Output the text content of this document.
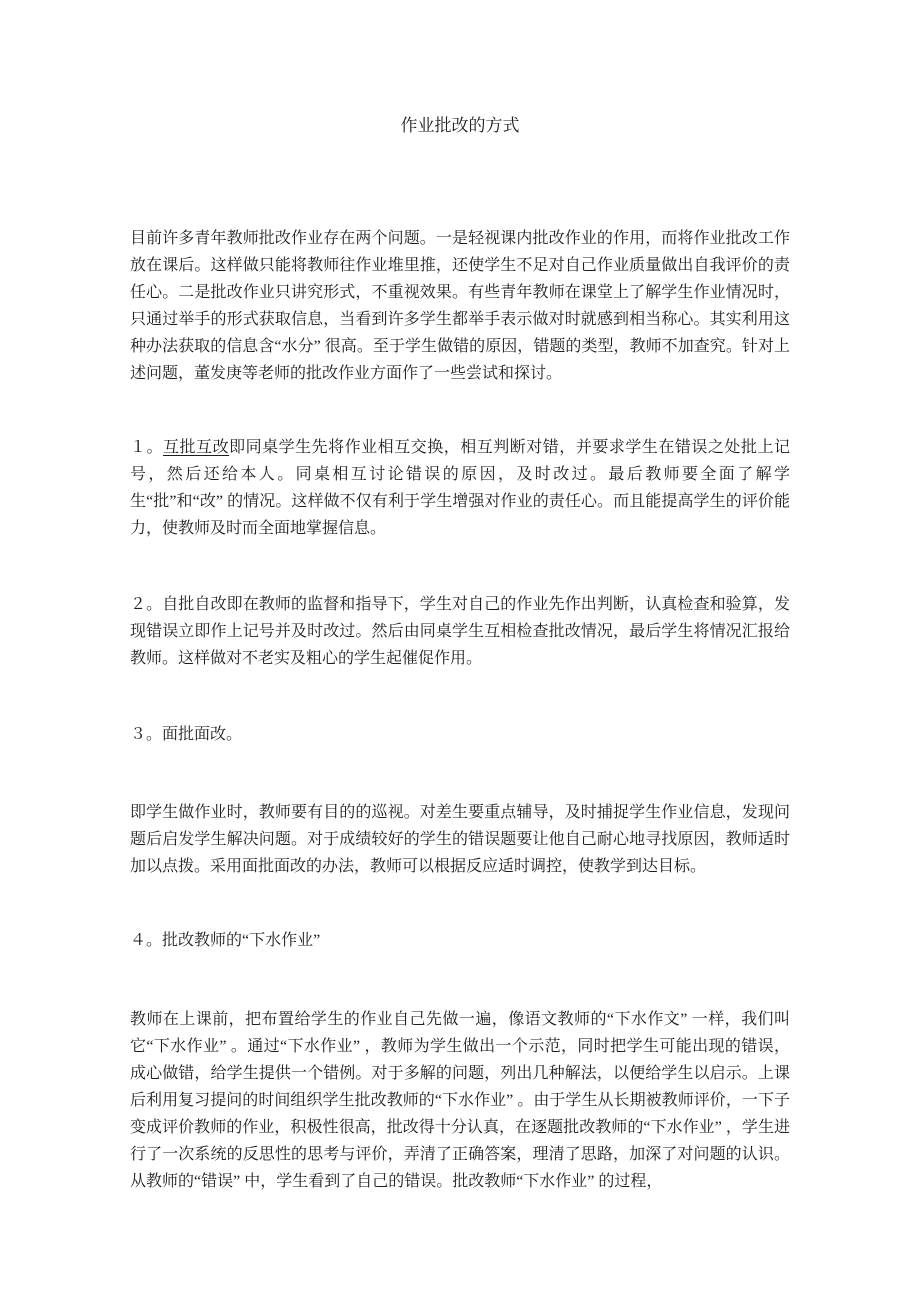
作业批改的方式

目前许多青年教师批改作业存在两个问题。一是轻视课内批改作业的作用，而将作业批改工作放在课后。这样做只能将教师往作业堆里推，还使学生不足对自己作业质量做出自我评价的责任心。二是批改作业只讲究形式，不重视效果。有些青年教师在课堂上了解学生作业情况时，只通过举手的形式获取信息，当看到许多学生都举手表示做对时就感到相当称心。其实利用这种办法获取的信息含“水分” 很高。至于学生做错的原因，错题的类型，教师不加查究。针对上述问题，董发庚等老师的批改作业方面作了一些尝试和探讨。

１。互批互改即同桌学生先将作业相互交换，相互判断对错，并要求学生在错误之处批上记号，然后还给本人。同桌相互讨论错误的原因，及时改过。最后教师要全面了解学生“批”和“改” 的情况。这样做不仅有利于学生增强对作业的责任心。而且能提高学生的评价能力，使教师及时而全面地掌握信息。

２。自批自改即在教师的监督和指导下，学生对自己的作业先作出判断，认真检查和验算，发现错误立即作上记号并及时改过。然后由同桌学生互相检查批改情况，最后学生将情况汇报给教师。这样做对不老实及粗心的学生起催促作用。

３。面批面改。

即学生做作业时，教师要有目的的巡视。对差生要重点辅导，及时捕捉学生作业信息，发现问题后启发学生解决问题。对于成绩较好的学生的错误题要让他自己耐心地寻找原因，教师适时加以点拨。采用面批面改的办法，教师可以根据反应适时调控，使教学到达目标。

４。批改教师的“下水作业”

教师在上课前，把布置给学生的作业自己先做一遍，像语文教师的“下水作文” 一样，我们叫它“下水作业” 。通过“下水作业” ，教师为学生做出一个示范，同时把学生可能出现的错误，成心做错，给学生提供一个错例。对于多解的问题，列出几种解法，以便给学生以启示。上课后利用复习提问的时间组织学生批改教师的“下水作业” 。由于学生从长期被教师评价，一下子变成评价教师的作业，积极性很高，批改得十分认真，在逐题批改教师的“下水作业” ，学生进行了一次系统的反思性的思考与评价，弄清了正确答案，理清了思路，加深了对问题的认识。从教师的“错误” 中，学生看到了自己的错误。批改教师“下水作业” 的过程，
